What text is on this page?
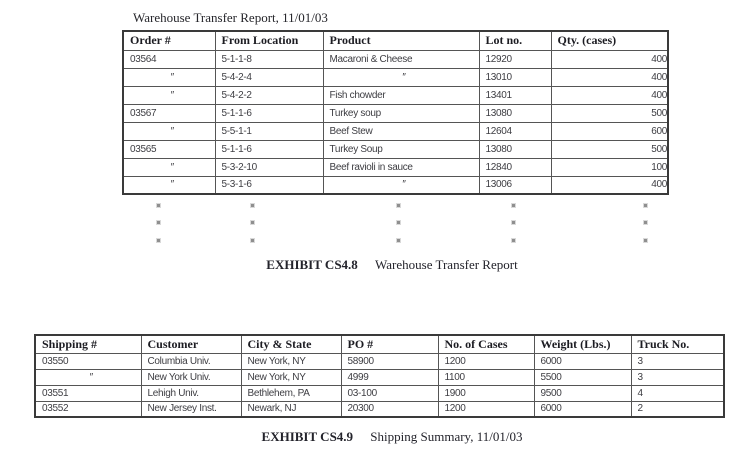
Warehouse Transfer Report, 11/01/03
Order #	From Location	Product	Lot no.	Qty. (cases)
03564	5-1-1-8	Macaroni & Cheese	12920	400
″	5-4-2-4	″	13010	400
″	5-4-2-2	Fish chowder	13401	400
03567	5-1-1-6	Turkey soup	13080	500
″	5-5-1-1	Beef Stew	12604	600
03565	5-1-1-6	Turkey Soup	13080	500
″	5-3-2-10	Beef ravioli in sauce	12840	100
″	5-3-1-6	″	13006	400
EXHIBIT CS4.8 Warehouse Transfer Report
Shipping #	Customer	City & State	PO #	No. of Cases	Weight (Lbs.)	Truck No.
03550	Columbia Univ.	New York, NY	58900	1200	6000	3
″	New York Univ.	New York, NY	4999	1100	5500	3
03551	Lehigh Univ.	Bethlehem, PA	03-100	1900	9500	4
03552	New Jersey Inst.	Newark, NJ	20300	1200	6000	2
EXHIBIT CS4.9 Shipping Summary, 11/01/03
